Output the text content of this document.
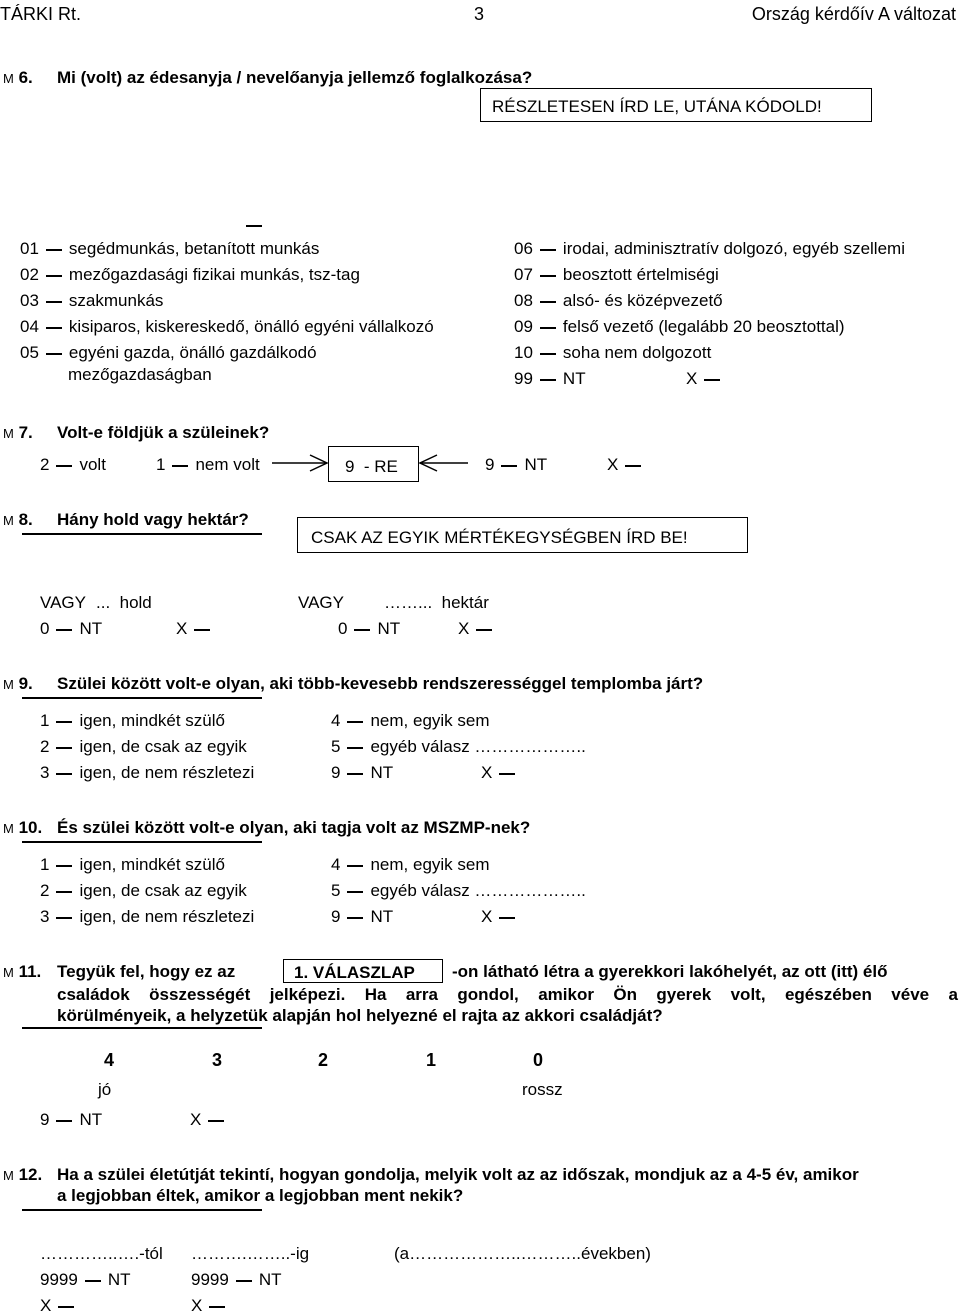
TÁRKI Rt.	3	Ország kérdőív A változat
M 6. Mi (volt) az édesanyja / nevelőanyja jellemző foglalkozása?
RÉSZLETESEN ÍRD LE, UTÁNA KÓDOLD!
01 segédmunkás, betanított munkás
02 mezőgazdasági fizikai munkás, tsz-tag
03 szakmunkás
04 kisiparos, kiskereskedő, önálló egyéni vállalkozó
05 egyéni gazda, önálló gazdálkodó
mezőgazdaságban
06 irodai, adminisztratív dolgozó, egyéb szellemi
07 beosztott értelmiségi
08 alsó- és középvezető
09 felső vezető (legalább 20 beosztottal)
10 soha nem dolgozott
99 NT	X
M 7. Volt-e földjük a szüleinek?
2 volt	1 nem volt	9  - RE	9 NT	X
M 8. Hány hold vagy hektár?
CSAK AZ EGYIK MÉRTÉKEGYSÉGBEN ÍRD BE!
VAGY ...  hold	VAGY ……...  hektár
0 NT	X	0 NT	X
M 9. Szülei között volt-e olyan, aki több-kevesebb rendszerességgel templomba járt?
1 igen, mindkét szülő
2 igen, de csak az egyik
3 igen, de nem részletezi
4 nem, egyik sem
5 egyéb válasz ………………..
9 NT	X
M 10. És szülei között volt-e olyan, aki tagja volt az MSZMP-nek?
1 igen, mindkét szülő
2 igen, de csak az egyik
3 igen, de nem részletezi
4 nem, egyik sem
5 egyéb válasz ………………..
9 NT	X
M 11. Tegyük fel, hogy ez az	1. VÁLASZLAP -on látható létra a gyerekkori lakóhelyét, az ott (itt) élő
családok összességét jelképezi. Ha arra gondol, amikor Ön gyerek volt, egészében véve a
körülményeik, a helyzetük alapján hol helyezné el rajta az akkori családját?
4	3	2	1	0
jó	rossz
9 NT	X
M 12. Ha a szülei életútját tekintí, hogyan gondolja, melyik volt az az időszak, mondjuk az a 4-5 év, amikor
a legjobban éltek, amikor a legjobban ment nekik?
…………..….-tól ……….……..-ig	(a………………..………..években)
9999 NT	9999 NT
X	X
